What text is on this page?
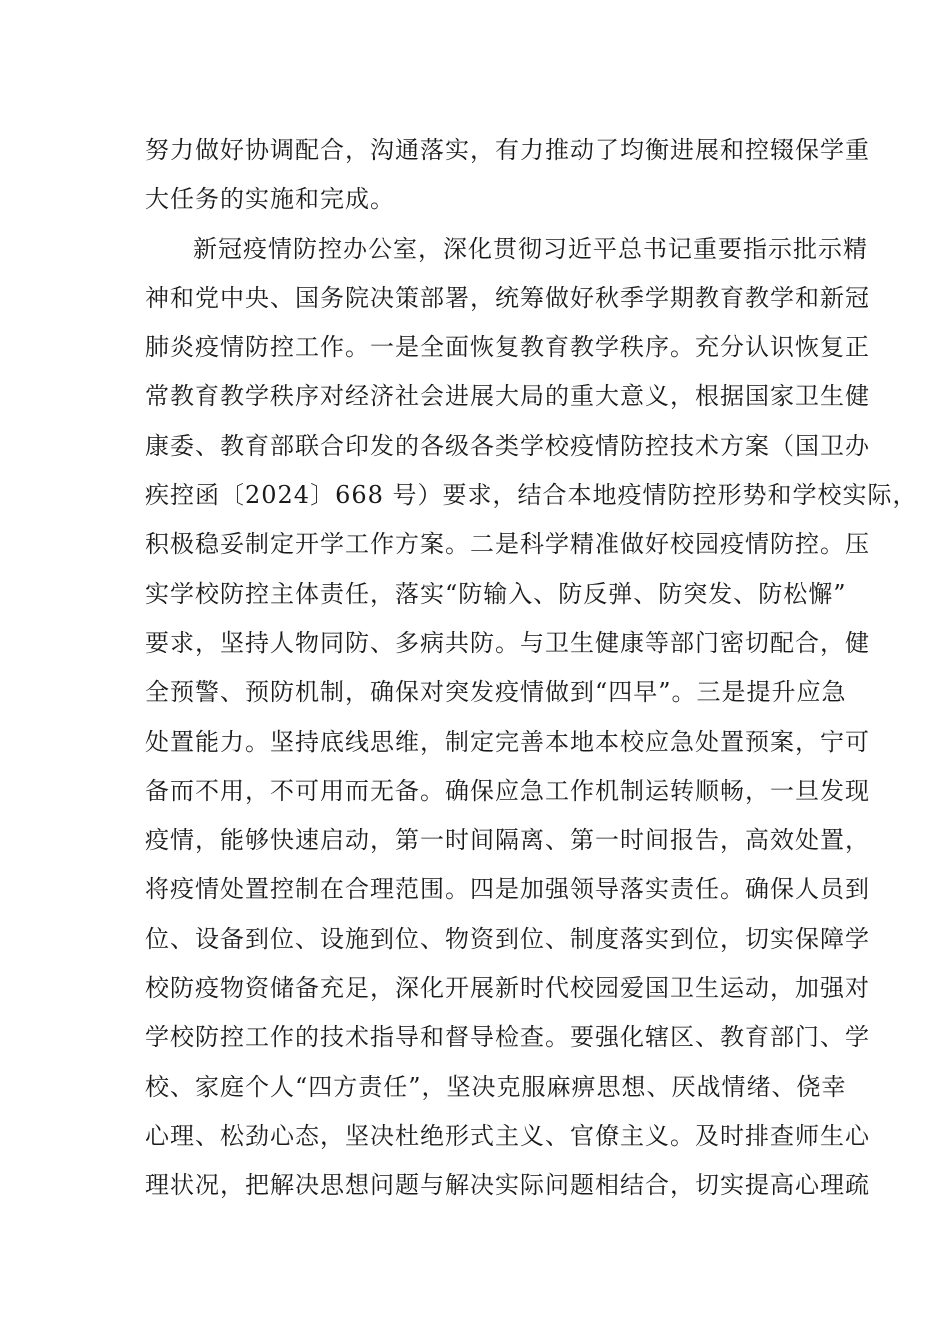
努力做好协调配合，沟通落实，有力推动了均衡进展和控辍保学重
大任务的实施和完成。
新冠疫情防控办公室，深化贯彻习近平总书记重要指示批示精
神和党中央、国务院决策部署，统筹做好秋季学期教育教学和新冠
肺炎疫情防控工作。一是全面恢复教育教学秩序。充分认识恢复正
常教育教学秩序对经济社会进展大局的重大意义，根据国家卫生健
康委、教育部联合印发的各级各类学校疫情防控技术方案（国卫办
疾控函〔2024〕668 号）要求，结合本地疫情防控形势和学校实际，
积极稳妥制定开学工作方案。二是科学精准做好校园疫情防控。压
实学校防控主体责任，落实“防输入、防反弹、防突发、防松懈”
要求，坚持人物同防、多病共防。与卫生健康等部门密切配合，健
全预警、预防机制，确保对突发疫情做到“四早”。三是提升应急
处置能力。坚持底线思维，制定完善本地本校应急处置预案，宁可
备而不用，不可用而无备。确保应急工作机制运转顺畅，一旦发现
疫情，能够快速启动，第一时间隔离、第一时间报告，高效处置，
将疫情处置控制在合理范围。四是加强领导落实责任。确保人员到
位、设备到位、设施到位、物资到位、制度落实到位，切实保障学
校防疫物资储备充足，深化开展新时代校园爱国卫生运动，加强对
学校防控工作的技术指导和督导检查。要强化辖区、教育部门、学
校、家庭个人“四方责任”，坚决克服麻痹思想、厌战情绪、侥幸
心理、松劲心态，坚决杜绝形式主义、官僚主义。及时排查师生心
理状况，把解决思想问题与解决实际问题相结合，切实提高心理疏
